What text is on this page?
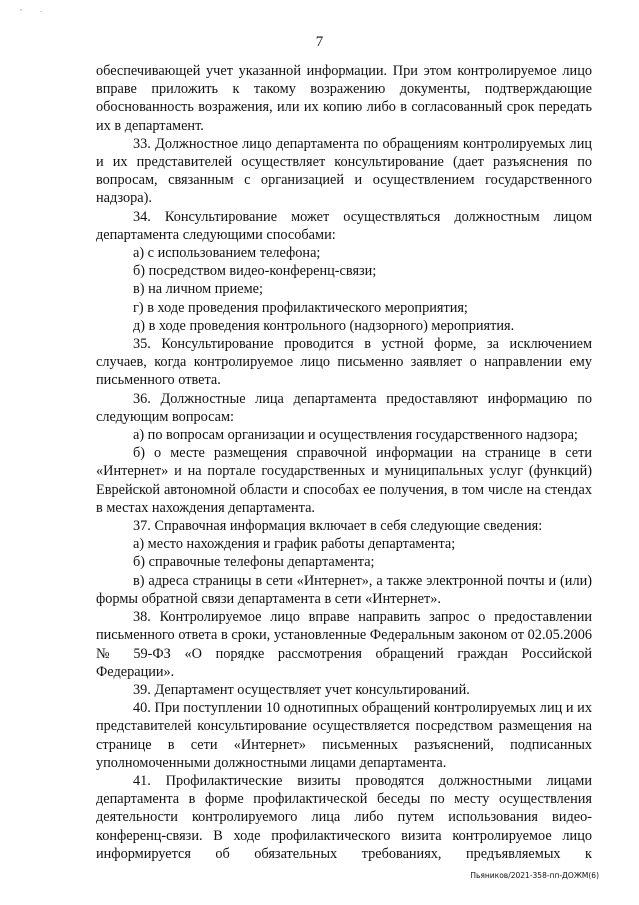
'	·
7

обеспечивающей учет указанной информации. При этом контролируемое лицо вправе приложить к такому возражению документы, подтверждающие обоснованность возражения, или их копию либо в согласованный срок передать их в департамент.

33. Должностное лицо департамента по обращениям контролируемых лиц и их представителей осуществляет консультирование (дает разъяснения по вопросам, связанным с организацией и осуществлением государственного надзора).

34. Консультирование может осуществляться должностным лицом департамента следующими способами:

а) с использованием телефона;

б) посредством видео-конференц-связи;

в) на личном приеме;

г) в ходе проведения профилактического мероприятия;

д) в ходе проведения контрольного (надзорного) мероприятия.

35. Консультирование проводится в устной форме, за исключением случаев, когда контролируемое лицо письменно заявляет о направлении ему письменного ответа.

36. Должностные лица департамента предоставляют информацию по следующим вопросам:

а) по вопросам организации и осуществления государственного надзора;

б) о месте размещения справочной информации на странице в сети «Интернет» и на портале государственных и муниципальных услуг (функций) Еврейской автономной области и способах ее получения, в том числе на стендах в местах нахождения департамента.

37. Справочная информация включает в себя следующие сведения:

а) место нахождения и график работы департамента;

б) справочные телефоны департамента;

в) адреса страницы в сети «Интернет», а также электронной почты и (или) формы обратной связи департамента в сети «Интернет».

38. Контролируемое лицо вправе направить запрос о предоставлении письменного ответа в сроки, установленные Федеральным законом от 02.05.2006 № 59-ФЗ «О порядке рассмотрения обращений граждан Российской Федерации».

39. Департамент осуществляет учет консультирований.

40. При поступлении 10 однотипных обращений контролируемых лиц и их представителей консультирование осуществляется посредством размещения на странице в сети «Интернет» письменных разъяснений, подписанных уполномоченными должностными лицами департамента.

41. Профилактические визиты проводятся должностными лицами департамента в форме профилактической беседы по месту осуществления деятельности контролируемого лица либо путем использования видео-конференц-связи. В ходе профилактического визита контролируемое лицо информируется об обязательных требованиях, предъявляемых к

Пьяников/2021-358-пп-ДОЖМ(6)
